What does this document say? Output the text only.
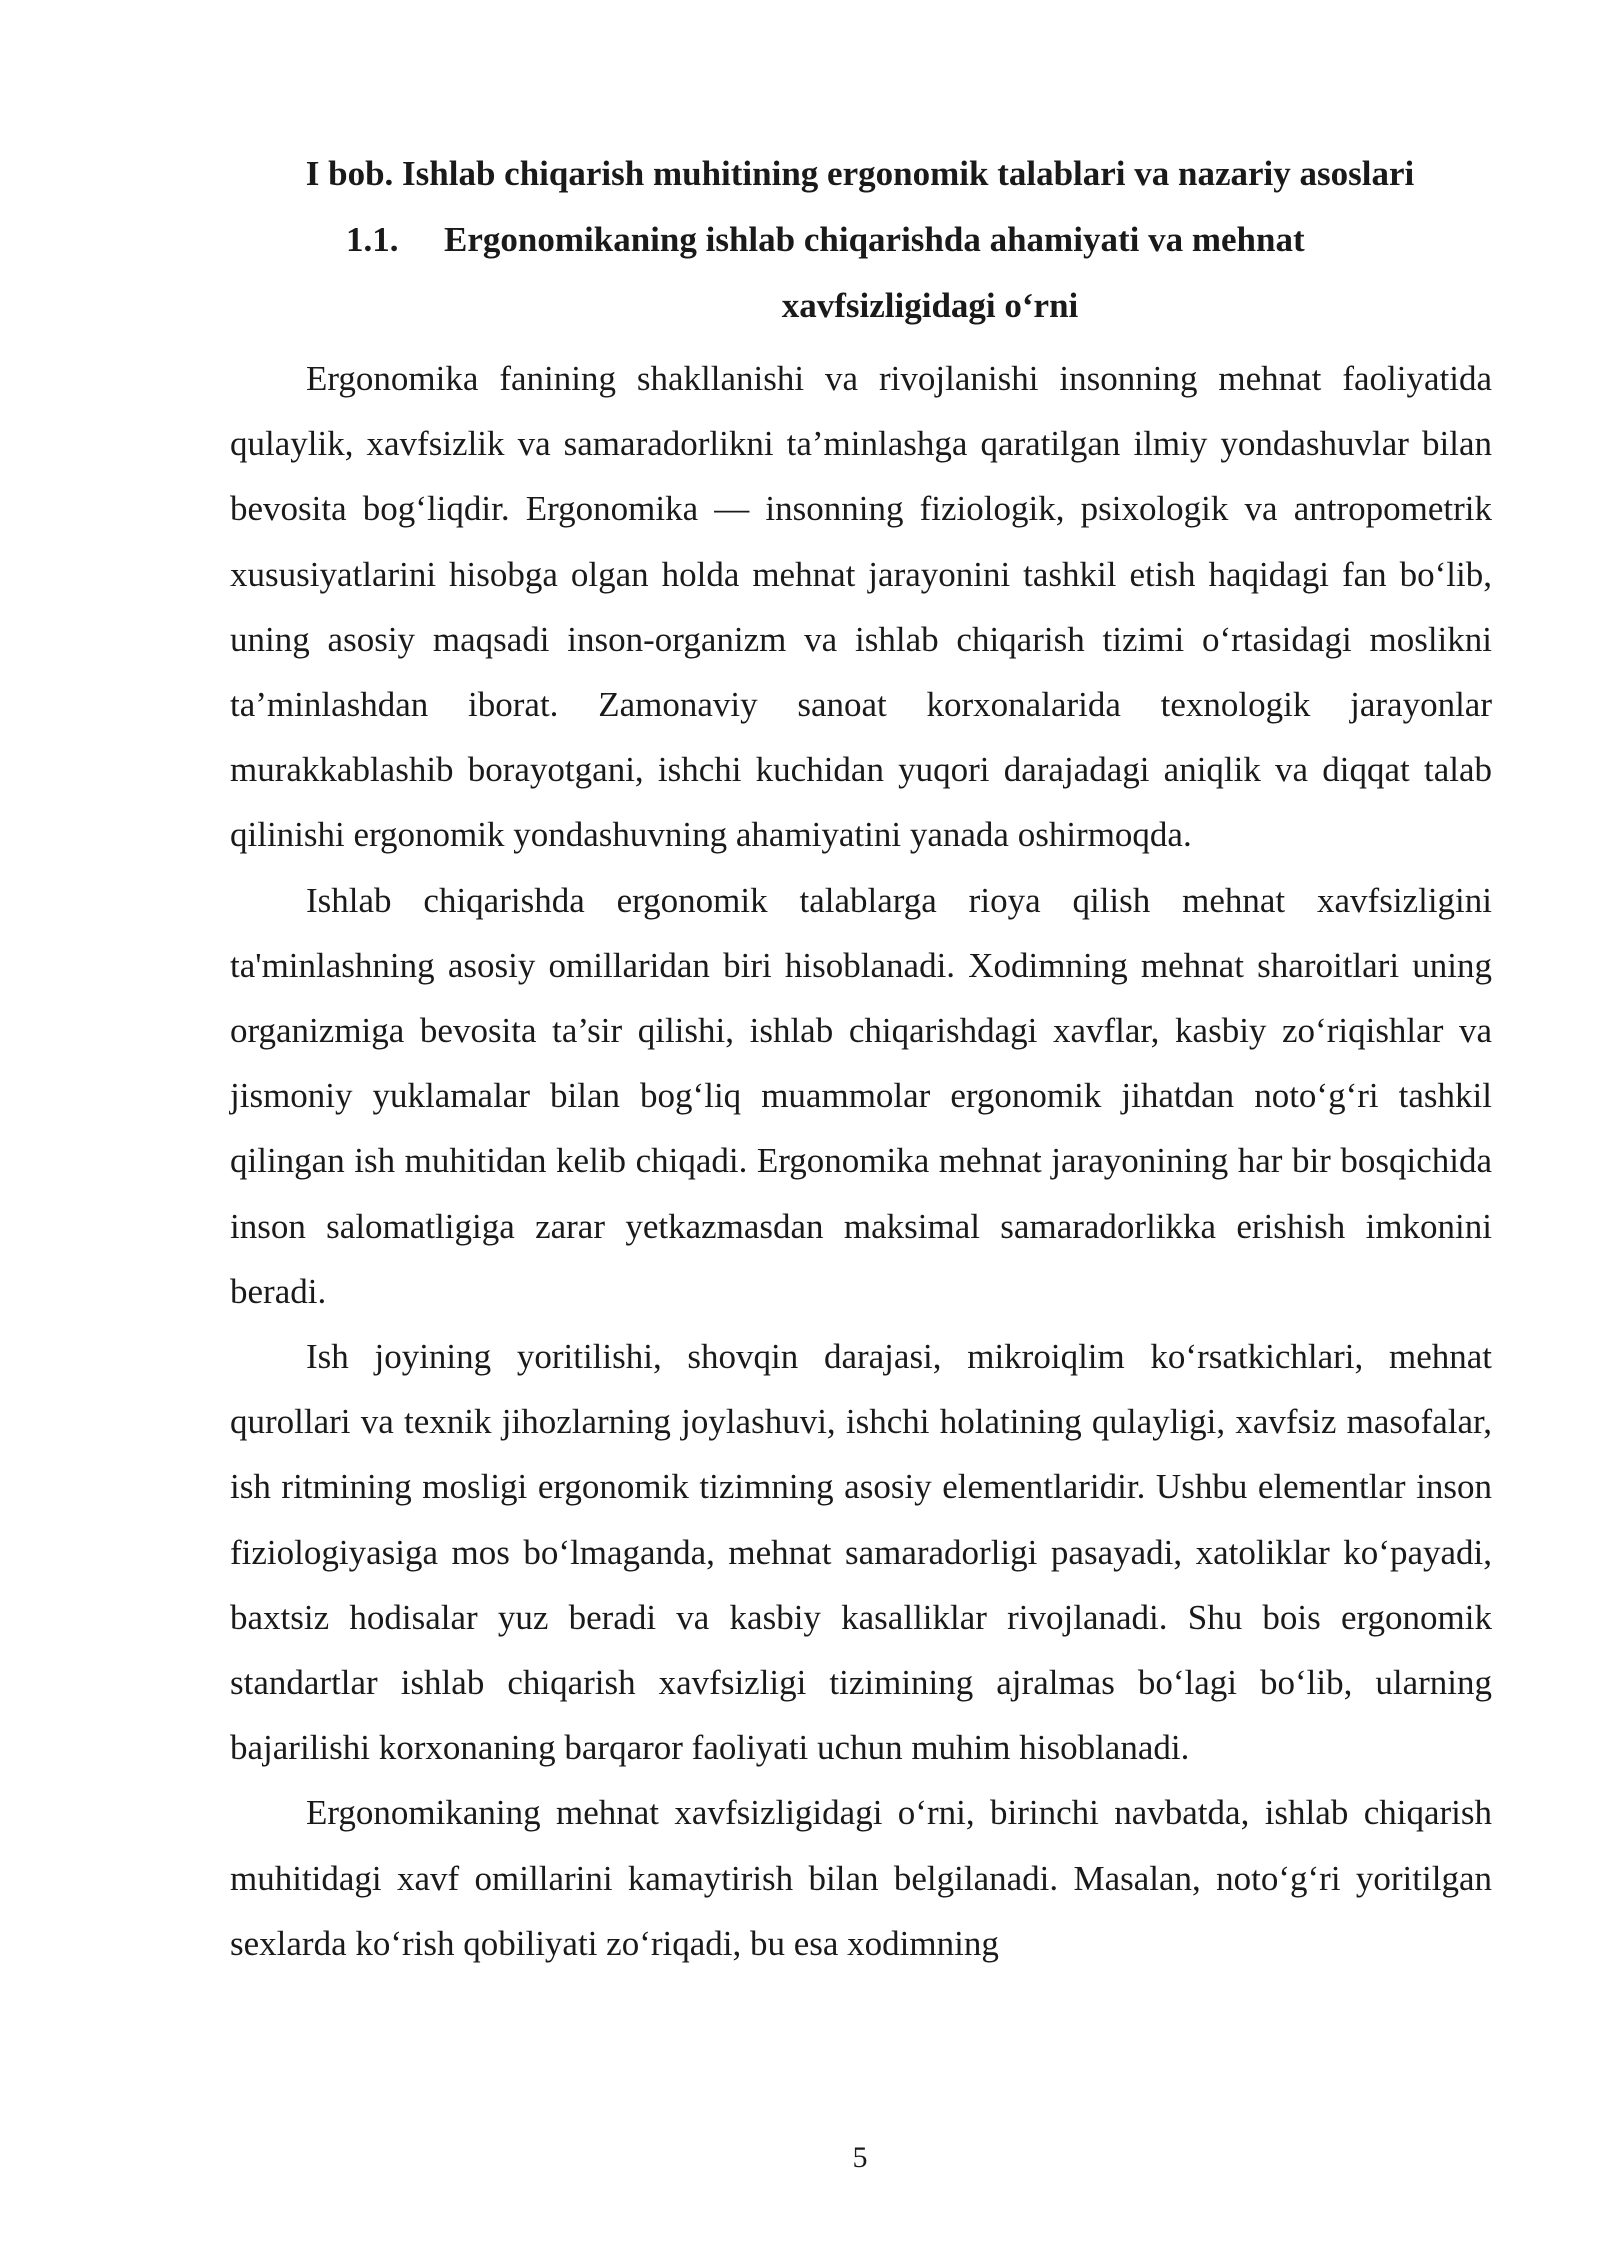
I bob. Ishlab chiqarish muhitining ergonomik talablari va nazariy asoslari
1.1. Ergonomikaning ishlab chiqarishda ahamiyati va mehnat
xavfsizligidagi o‘rni

Ergonomika fanining shakllanishi va rivojlanishi insonning mehnat faoliyatida qulaylik, xavfsizlik va samaradorlikni ta’minlashga qaratilgan ilmiy yondashuvlar bilan bevosita bog‘liqdir. Ergonomika — insonning fiziologik, psixologik va antropometrik xususiyatlarini hisobga olgan holda mehnat jarayonini tashkil etish haqidagi fan bo‘lib, uning asosiy maqsadi inson-organizm va ishlab chiqarish tizimi o‘rtasidagi moslikni ta’minlashdan iborat. Zamonaviy sanoat korxonalarida texnologik jarayonlar murakkablashib borayotgani, ishchi kuchidan yuqori darajadagi aniqlik va diqqat talab qilinishi ergonomik yondashuvning ahamiyatini yanada oshirmoqda.

Ishlab chiqarishda ergonomik talablarga rioya qilish mehnat xavfsizligini ta'minlashning asosiy omillaridan biri hisoblanadi. Xodimning mehnat sharoitlari uning organizmiga bevosita ta’sir qilishi, ishlab chiqarishdagi xavflar, kasbiy zo‘riqishlar va jismoniy yuklamalar bilan bog‘liq muammolar ergonomik jihatdan noto‘g‘ri tashkil qilingan ish muhitidan kelib chiqadi. Ergonomika mehnat jarayonining har bir bosqichida inson salomatligiga zarar yetkazmasdan maksimal samaradorlikka erishish imkonini beradi.

Ish joyining yoritilishi, shovqin darajasi, mikroiqlim ko‘rsatkichlari, mehnat qurollari va texnik jihozlarning joylashuvi, ishchi holatining qulayligi, xavfsiz masofalar, ish ritmining mosligi ergonomik tizimning asosiy elementlaridir. Ushbu elementlar inson fiziologiyasiga mos bo‘lmaganda, mehnat samaradorligi pasayadi, xatoliklar ko‘payadi, baxtsiz hodisalar yuz beradi va kasbiy kasalliklar rivojlanadi. Shu bois ergonomik standartlar ishlab chiqarish xavfsizligi tizimining ajralmas bo‘lagi bo‘lib, ularning bajarilishi korxonaning barqaror faoliyati uchun muhim hisoblanadi.

Ergonomikaning mehnat xavfsizligidagi o‘rni, birinchi navbatda, ishlab chiqarish muhitidagi xavf omillarini kamaytirish bilan belgilanadi. Masalan, noto‘g‘ri yoritilgan sexlarda ko‘rish qobiliyati zo‘riqadi, bu esa xodimning

5
